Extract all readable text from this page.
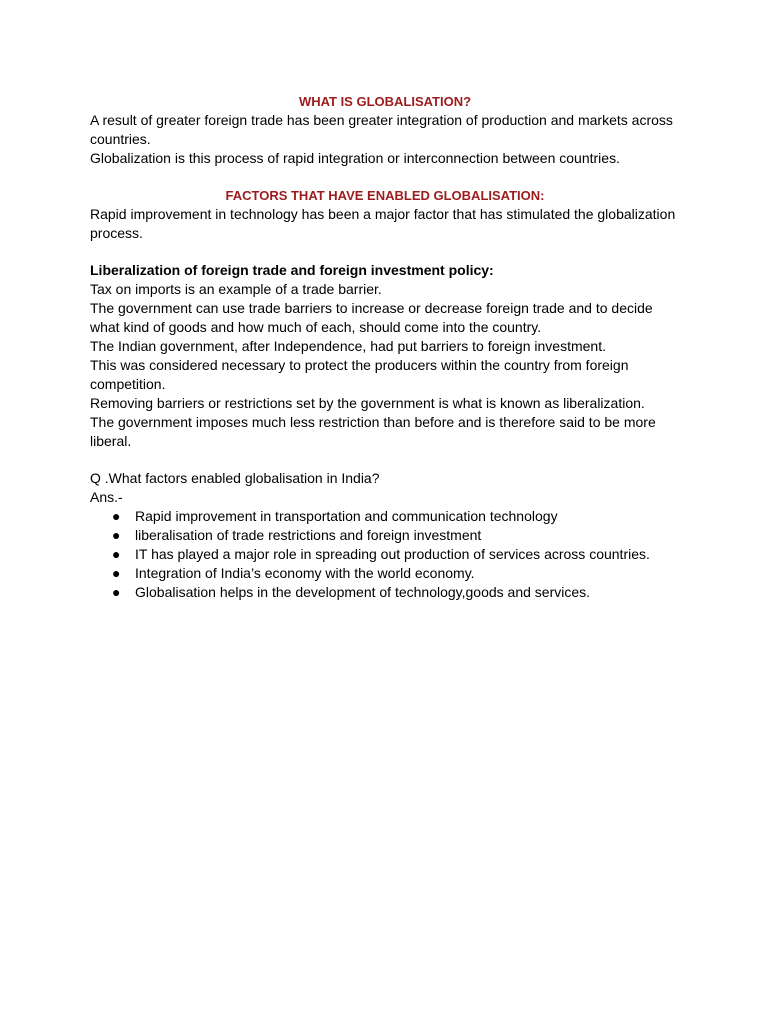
WHAT IS GLOBALISATION?

A result of greater foreign trade has been greater integration of production and markets across countries.

Globalization is this process of rapid integration or interconnection between countries.

FACTORS THAT HAVE ENABLED GLOBALISATION:

Rapid improvement in technology has been a major factor that has stimulated the globalization process.

Liberalization of foreign trade and foreign investment policy:

Tax on imports is an example of a trade barrier.

The government can use trade barriers to increase or decrease foreign trade and to decide what kind of goods and how much of each, should come into the country.

The Indian government, after Independence, had put barriers to foreign investment.

This was considered necessary to protect the producers within the country from foreign competition.

Removing barriers or restrictions set by the government is what is known as liberalization.

The government imposes much less restriction than before and is therefore said to be more liberal.

Q .What factors enabled globalisation in India?

Ans.-

● Rapid improvement in transportation and communication technology
● liberalisation of trade restrictions and foreign investment
● IT has played a major role in spreading out production of services across countries.
● Integration of India’s economy with the world economy.
● Globalisation helps in the development of technology,goods and services.
